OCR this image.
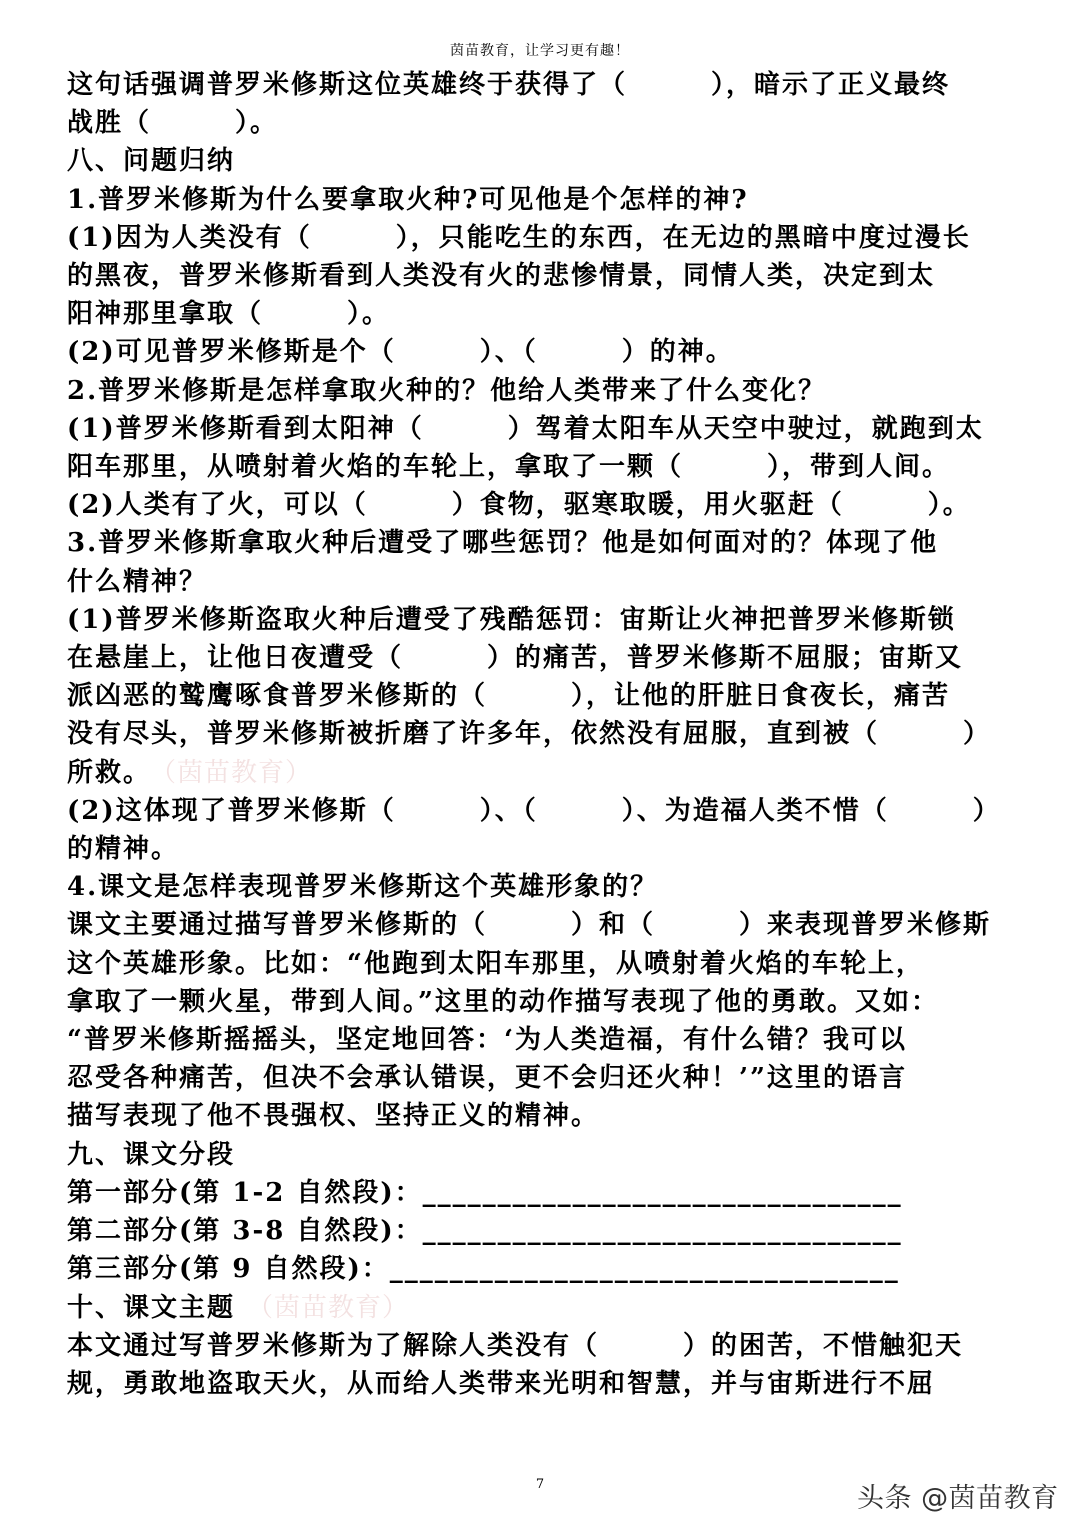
茵苗教育，让学习更有趣！

这句话强调普罗米修斯这位英雄终于获得了（　　　），暗示了正义最终

战胜（　　　）。

八、问题归纳

1.普罗米修斯为什么要拿取火种?可见他是个怎样的神?

(1)因为人类没有（　　　），只能吃生的东西，在无边的黑暗中度过漫长

的黑夜，普罗米修斯看到人类没有火的悲惨情景，同情人类，决定到太

阳神那里拿取（　　　）。

(2)可见普罗米修斯是个（　　　）、（　　　）的神。

2.普罗米修斯是怎样拿取火种的？他给人类带来了什么变化？

(1)普罗米修斯看到太阳神（　　　）驾着太阳车从天空中驶过，就跑到太

阳车那里，从喷射着火焰的车轮上，拿取了一颗（　　　），带到人间。

(2)人类有了火，可以（　　　）食物，驱寒取暖，用火驱赶（　　　）。

3.普罗米修斯拿取火种后遭受了哪些惩罚？他是如何面对的？体现了他

什么精神？

(1)普罗米修斯盗取火种后遭受了残酷惩罚：宙斯让火神把普罗米修斯锁

在悬崖上，让他日夜遭受（　　　）的痛苦，普罗米修斯不屈服；宙斯又

派凶恶的鹫鹰啄食普罗米修斯的（　　　），让他的肝脏日食夜长，痛苦

没有尽头，普罗米修斯被折磨了许多年，依然没有屈服，直到被（　　　）

所救。 （茵苗教育）

(2)这体现了普罗米修斯（　　　）、（　　　）、为造福人类不惜（　　　）

的精神。

4.课文是怎样表现普罗米修斯这个英雄形象的？

课文主要通过描写普罗米修斯的（　　　）和（　　　）来表现普罗米修斯

这个英雄形象。比如：“他跑到太阳车那里，从喷射着火焰的车轮上，

拿取了一颗火星，带到人间。”这里的动作描写表现了他的勇敢。又如：

“普罗米修斯摇摇头，坚定地回答：‘为人类造福，有什么错？我可以

忍受各种痛苦，但决不会承认错误，更不会归还火种！’”这里的语言

描写表现了他不畏强权、坚持正义的精神。

九、课文分段

第一部分(第 1-2 自然段)：________________________________

第二部分(第 3-8 自然段)：________________________________

第三部分(第 9 自然段)：__________________________________

十、课文主题 （茵苗教育）

本文通过写普罗米修斯为了解除人类没有（　　　）的困苦，不惜触犯天

规，勇敢地盗取天火，从而给人类带来光明和智慧，并与宙斯进行不屈

7	头条 @茵苗教育
